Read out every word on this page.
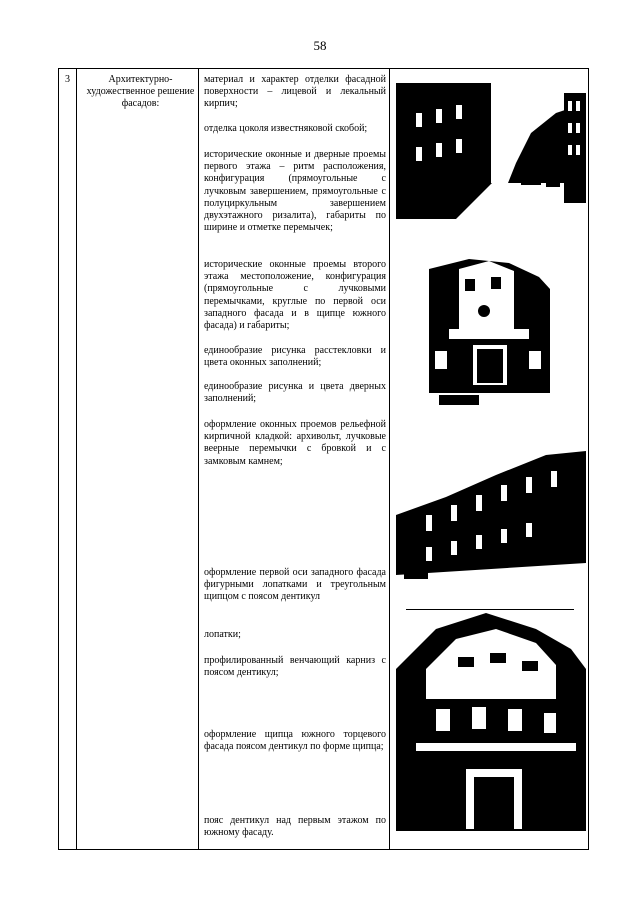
58
3	Архитектурно-художественное решение фасадов:

материал и характер отделки фасадной поверхности – лицевой и лекальный кирпич;

отделка цоколя известняковой скобой;

исторические оконные и дверные проемы первого этажа – ритм расположения, конфигурация (прямоугольные с лучковым завершением, прямоугольные с полуциркульным завершением двухэтажного ризалита), габариты по ширине и отметке перемычек;

исторические оконные проемы второго этажа местоположение, конфигурация (прямоугольные с лучковыми перемычками, круглые по первой оси западного фасада и в щипце южного фасада) и габариты;

единообразие рисунка расстекловки и цвета оконных заполнений;

единообразие рисунка и цвета дверных заполнений;

оформление оконных проемов рельефной кирпичной кладкой: архивольт, лучковые веерные перемычки с бровкой и с замковым камнем;

оформление первой оси западного фасада фигурными лопатками и треугольным щипцом с поясом дентикул

лопатки;

профилированный венчающий карниз с поясом дентикул;

оформление щипца южного торцевого фасада поясом дентикул по форме щипца;

пояс дентикул над первым этажом по южному фасаду.
